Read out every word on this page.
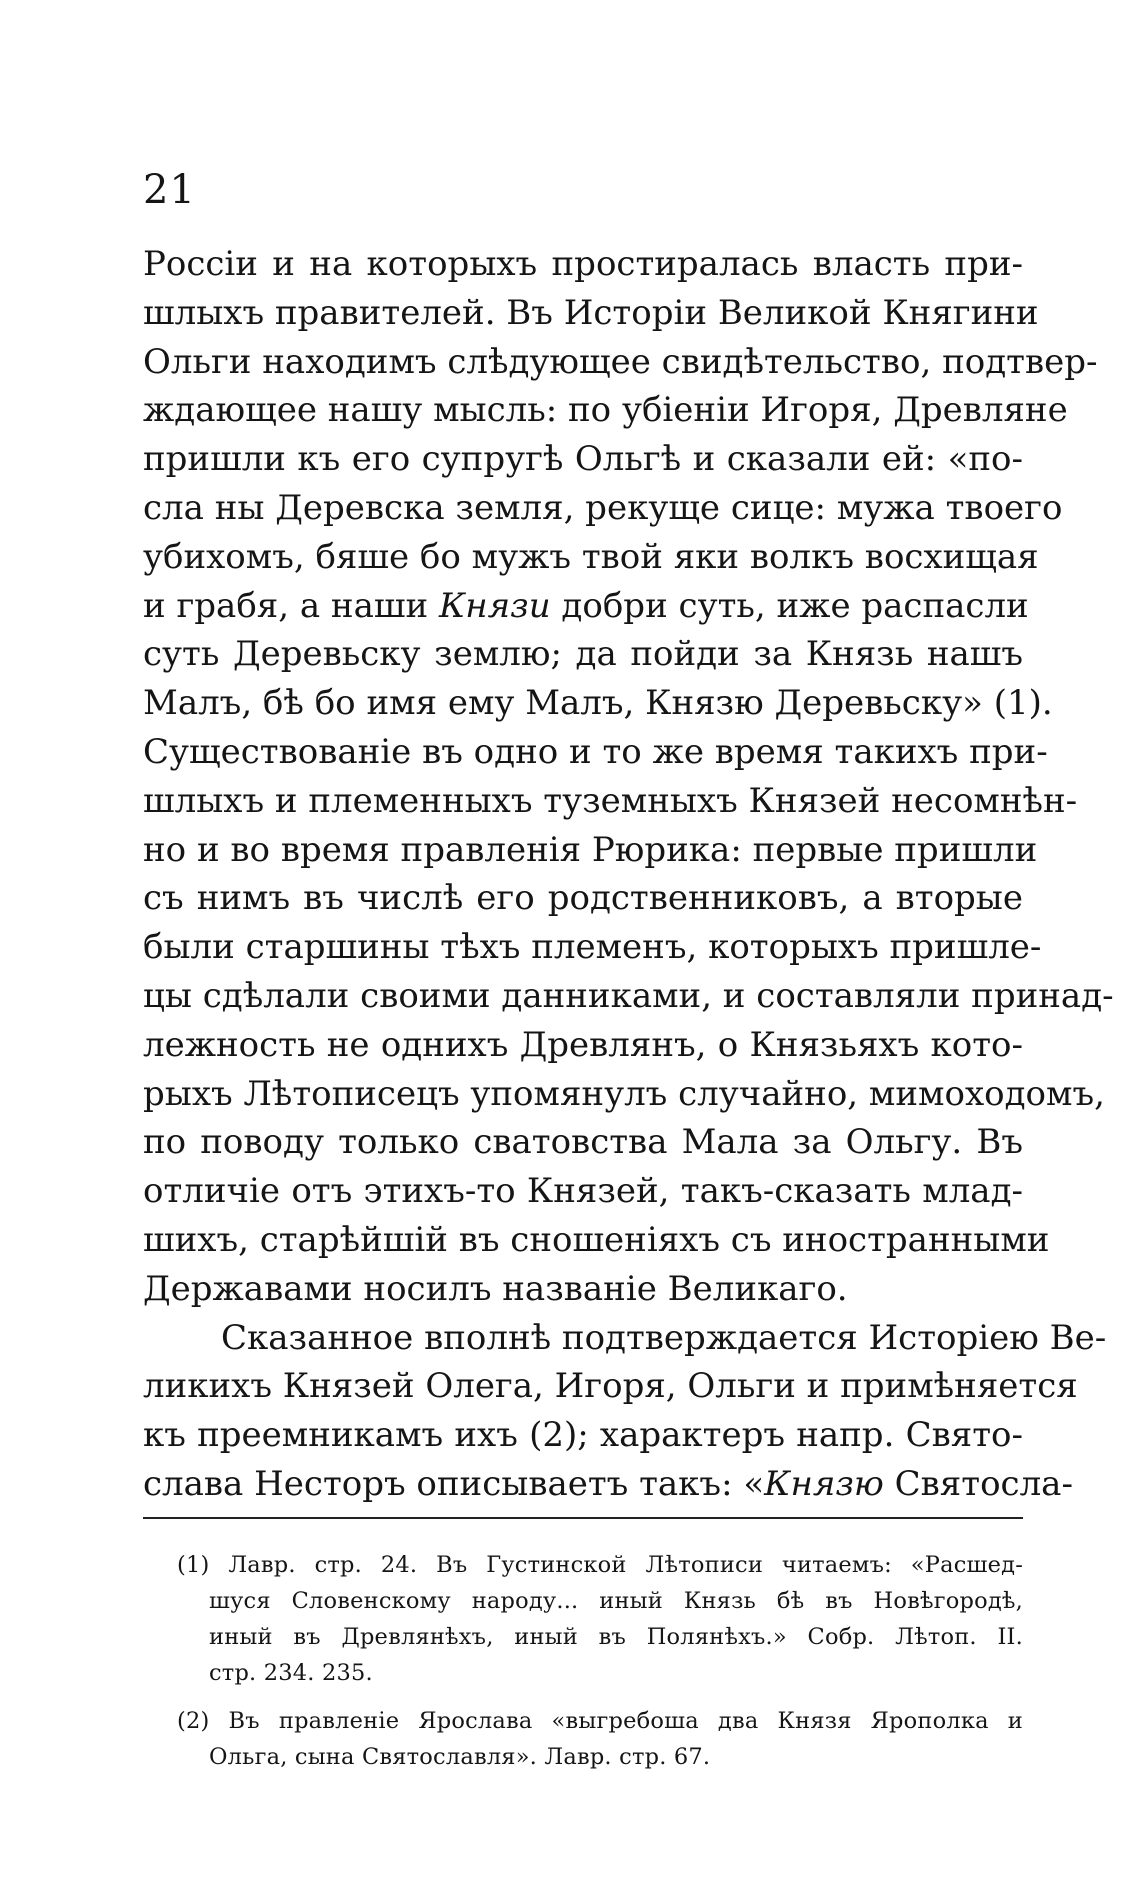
21
Россіи и на которыхъ простиралась власть при-
шлыхъ правителей. Въ Исторіи Великой Княгини
Ольги находимъ слѣдующее свидѣтельство, подтвер-
ждающее нашу мысль: по убіеніи Игоря, Древляне
пришли къ его супругѣ Ольгѣ и сказали ей: «по-
сла ны Деревска земля, рекуще сице: мужа твоего
убихомъ, бяше бо мужъ твой яки волкъ восхищая
и грабя, а наши Князи добри суть, иже распасли
суть Деревьску землю; да пойди за Князь нашъ
Малъ, бѣ бо имя ему Малъ, Князю Деревьску» (1).
Существованіе въ одно и то же время такихъ при-
шлыхъ и племенныхъ туземныхъ Князей несомнѣн-
но и во время правленія Рюрика: первые пришли
съ нимъ въ числѣ его родственниковъ, а вторые
были старшины тѣхъ племенъ, которыхъ пришле-
цы сдѣлали своими данниками, и составляли принад-
лежность не однихъ Древлянъ, о Князьяхъ кото-
рыхъ Лѣтописецъ упомянулъ случайно, мимоходомъ,
по поводу только сватовства Мала за Ольгу. Въ
отличіе отъ этихъ-то Князей, такъ-сказать млад-
шихъ, старѣйшій въ сношеніяхъ съ иностранными
Державами носилъ названіе Великаго.
Сказанное вполнѣ подтверждается Исторіею Ве-
ликихъ Князей Олега, Игоря, Ольги и примѣняется
къ преемникамъ ихъ (2); характеръ напр. Свято-
слава Несторъ описываетъ такъ: «Князю Святосла-
(1) Лавр. стр. 24. Въ Густинской Лѣтописи читаемъ: «Расшед-
шуся Словенскому народу... иный Князь бѣ въ Новѣгородѣ,
иный въ Древлянѣхъ, иный въ Полянѣхъ.» Собр. Лѣтоп. II.
стр. 234. 235.
(2) Въ правленіе Ярослава «выгребоша два Князя Ярополка и
Ольга, сына Святославля». Лавр. стр. 67.
